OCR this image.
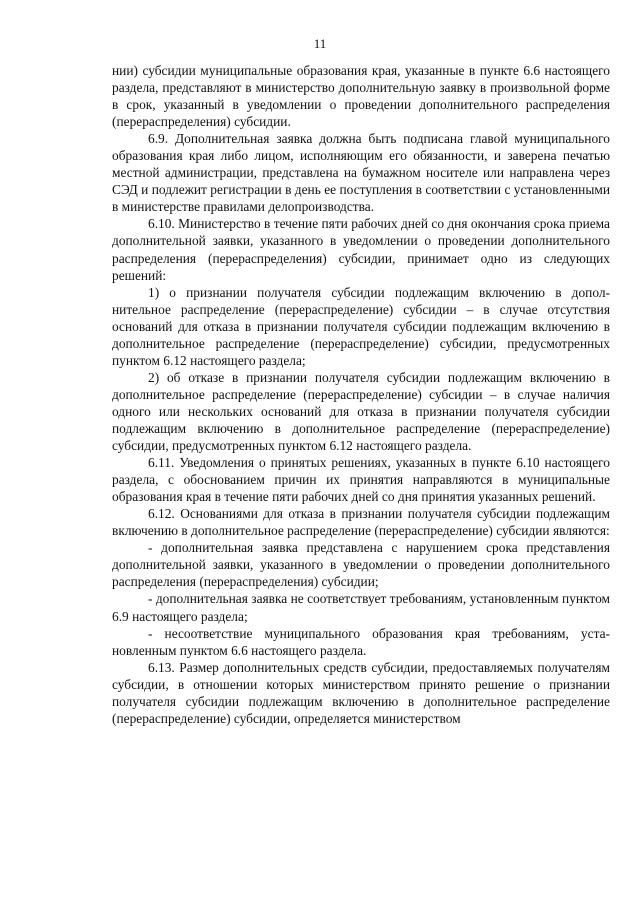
11

нии) субсидии муниципальные образования края, указанные в пункте 6.6 настоящего раздела, представляют в министерство дополнительную заявку в произвольной форме в срок, указанный в уведомлении о проведении дополнительного распределения (перераспределения) субсидии.

6.9. Дополнительная заявка должна быть подписана главой муниципального образования края либо лицом, исполняющим его обязанности, и заверена печатью местной администрации, представлена на бумажном носителе или направлена через СЭД и подлежит регистрации в день ее поступления в соответствии с установленными в министерстве правилами делопроизводства.

6.10. Министерство в течение пяти рабочих дней со дня окончания срока приема дополнительной заявки, указанного в уведомлении о проведении дополнительного распределения (перераспределения) субсидии, принимает одно из следующих решений:

1) о признании получателя субсидии подлежащим включению в дополнительное распределение (перераспределение) субсидии – в случае отсутствия оснований для отказа в признании получателя субсидии подлежащим включению в дополнительное распределение (перераспределение) субсидии, предусмотренных пунктом 6.12 настоящего раздела;

2) об отказе в признании получателя субсидии подлежащим включению в дополнительное распределение (перераспределение) субсидии – в случае наличия одного или нескольких оснований для отказа в признании получателя субсидии подлежащим включению в дополнительное распределение (перераспределение) субсидии, предусмотренных пунктом 6.12 настоящего раздела.

6.11. Уведомления о принятых решениях, указанных в пункте 6.10 настоящего раздела, с обоснованием причин их принятия направляются в муниципальные образования края в течение пяти рабочих дней со дня принятия указанных решений.

6.12. Основаниями для отказа в признании получателя субсидии подлежащим включению в дополнительное распределение (перераспределение) субсидии являются:

- дополнительная заявка представлена с нарушением срока представления дополнительной заявки, указанного в уведомлении о проведении дополнительного распределения (перераспределения) субсидии;

- дополнительная заявка не соответствует требованиям, установленным пунктом 6.9 настоящего раздела;

- несоответствие муниципального образования края требованиям, установленным пунктом 6.6 настоящего раздела.

6.13. Размер дополнительных средств субсидии, предоставляемых получателям субсидии, в отношении которых министерством принято решение о признании получателя субсидии подлежащим включению в дополнительное распределение (перераспределение) субсидии, определяется министерством
